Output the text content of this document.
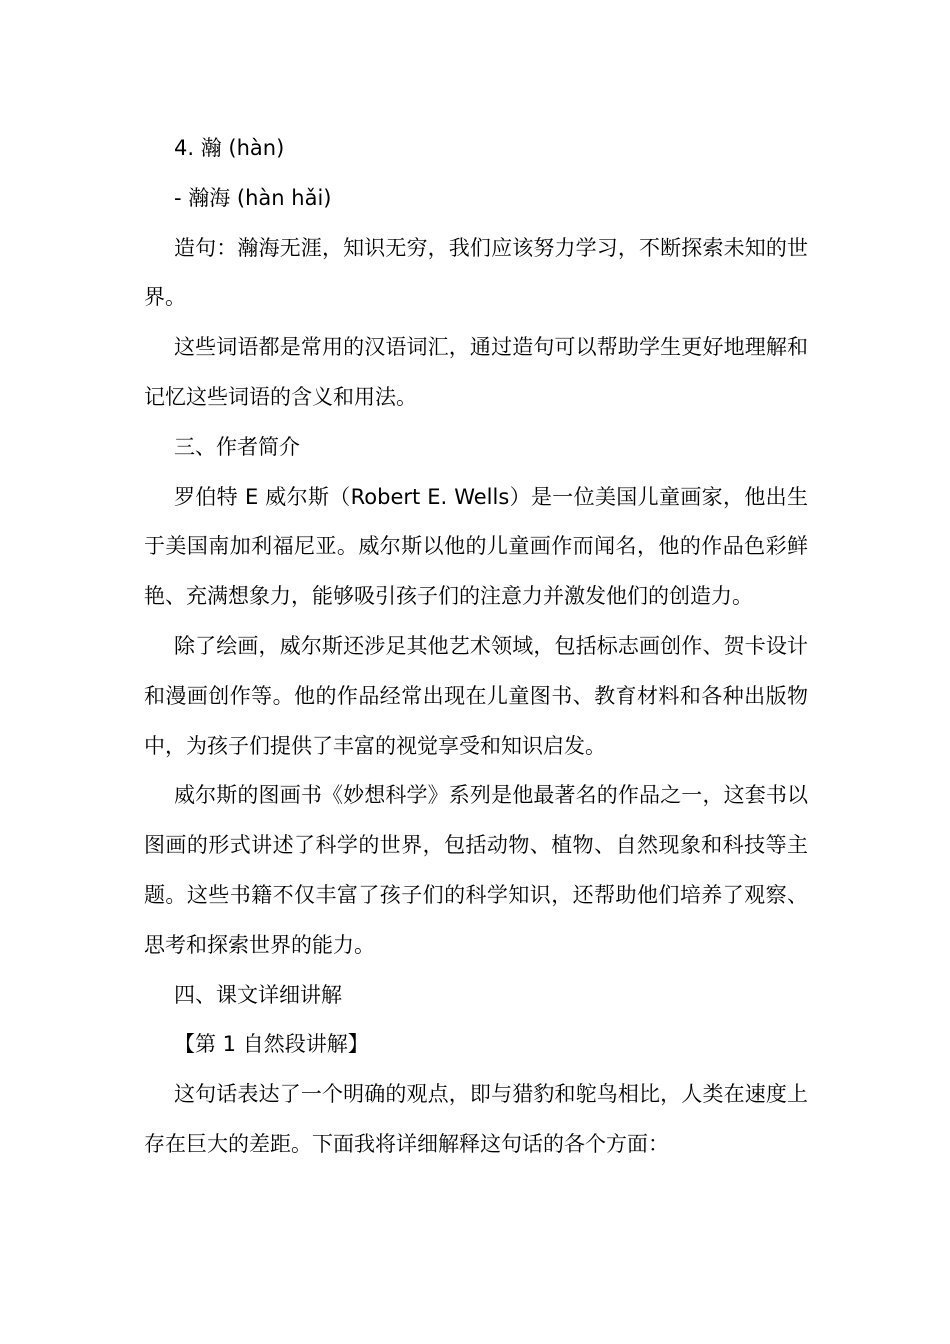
4. 瀚 (hàn)

- 瀚海 (hàn hǎi)

造句：瀚海无涯，知识无穷，我们应该努力学习，不断探索未知的世界。

这些词语都是常用的汉语词汇，通过造句可以帮助学生更好地理解和记忆这些词语的含义和用法。

三、作者简介

罗伯特 E 威尔斯（Robert E. Wells）是一位美国儿童画家，他出生于美国南加利福尼亚。威尔斯以他的儿童画作而闻名，他的作品色彩鲜艳、充满想象力，能够吸引孩子们的注意力并激发他们的创造力。

除了绘画，威尔斯还涉足其他艺术领域，包括标志画创作、贺卡设计和漫画创作等。他的作品经常出现在儿童图书、教育材料和各种出版物中，为孩子们提供了丰富的视觉享受和知识启发。

威尔斯的图画书《妙想科学》系列是他最著名的作品之一，这套书以图画的形式讲述了科学的世界，包括动物、植物、自然现象和科技等主题。这些书籍不仅丰富了孩子们的科学知识，还帮助他们培养了观察、思考和探索世界的能力。

四、课文详细讲解

【第 1 自然段讲解】

这句话表达了一个明确的观点，即与猎豹和鸵鸟相比，人类在速度上存在巨大的差距。下面我将详细解释这句话的各个方面：
